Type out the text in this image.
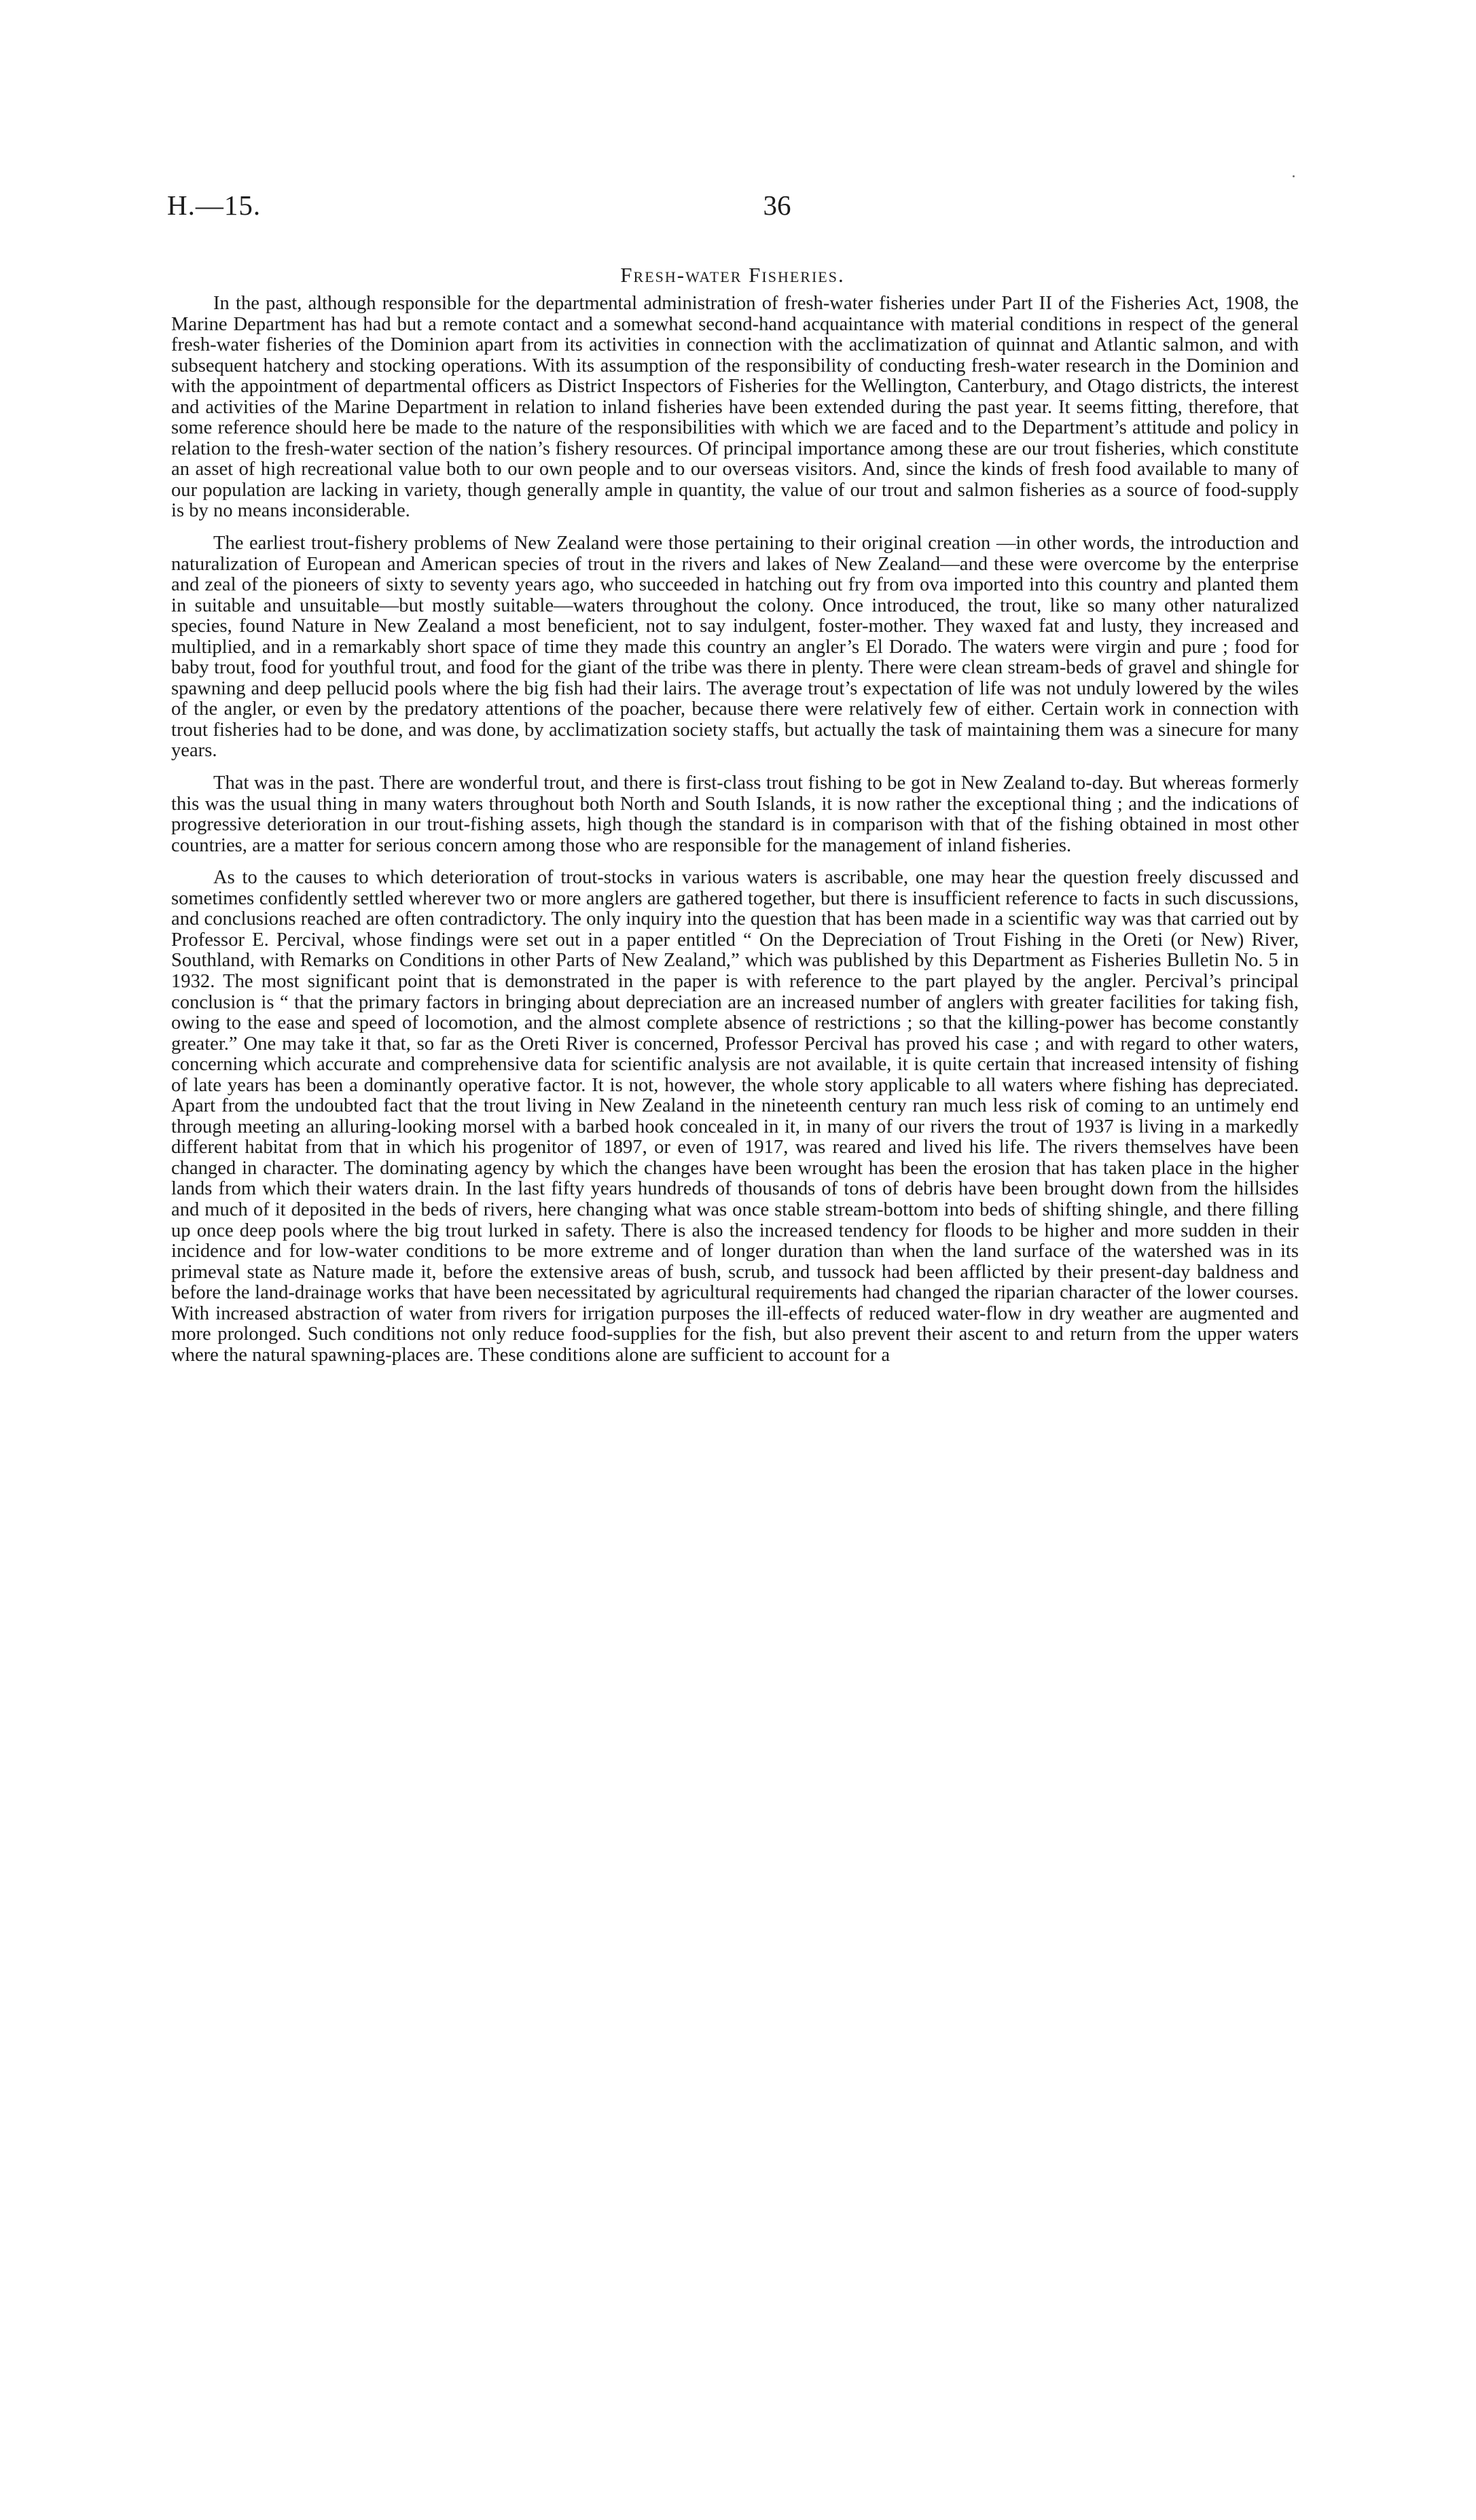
H.—15.	36
Fresh-water Fisheries.

In the past, although responsible for the departmental administration of fresh-water fisheries under Part II of the Fisheries Act, 1908, the Marine Department has had but a remote contact and a somewhat second-hand acquaintance with material conditions in respect of the general fresh-water fisheries of the Dominion apart from its activities in connection with the acclimatization of quinnat and Atlantic salmon, and with subsequent hatchery and stocking operations. With its assumption of the responsibility of conducting fresh-water research in the Dominion and with the appointment of departmental officers as District Inspectors of Fisheries for the Wellington, Canterbury, and Otago districts, the interest and activities of the Marine Department in relation to inland fisheries have been extended during the past year. It seems fitting, therefore, that some reference should here be made to the nature of the responsibilities with which we are faced and to the Department’s attitude and policy in relation to the fresh-water section of the nation’s fishery resources. Of principal importance among these are our trout fisheries, which constitute an asset of high recreational value both to our own people and to our overseas visitors. And, since the kinds of fresh food available to many of our population are lacking in variety, though generally ample in quantity, the value of our trout and salmon fisheries as a source of food-supply is by no means inconsiderable.

The earliest trout-fishery problems of New Zealand were those pertaining to their original creation —in other words, the introduction and naturalization of European and American species of trout in the rivers and lakes of New Zealand—and these were overcome by the enterprise and zeal of the pioneers of sixty to seventy years ago, who succeeded in hatching out fry from ova imported into this country and planted them in suitable and unsuitable—but mostly suitable—waters throughout the colony. Once introduced, the trout, like so many other naturalized species, found Nature in New Zealand a most beneficient, not to say indulgent, foster-mother. They waxed fat and lusty, they increased and multiplied, and in a remarkably short space of time they made this country an angler’s El Dorado. The waters were virgin and pure ; food for baby trout, food for youthful trout, and food for the giant of the tribe was there in plenty. There were clean stream-beds of gravel and shingle for spawning and deep pellucid pools where the big fish had their lairs. The average trout’s expectation of life was not unduly lowered by the wiles of the angler, or even by the predatory attentions of the poacher, because there were relatively few of either. Certain work in connection with trout fisheries had to be done, and was done, by acclimatization society staffs, but actually the task of maintaining them was a sinecure for many years.

That was in the past. There are wonderful trout, and there is first-class trout fishing to be got in New Zealand to-day. But whereas formerly this was the usual thing in many waters throughout both North and South Islands, it is now rather the exceptional thing ; and the indications of progressive deterioration in our trout-fishing assets, high though the standard is in comparison with that of the fishing obtained in most other countries, are a matter for serious concern among those who are responsible for the management of inland fisheries.

As to the causes to which deterioration of trout-stocks in various waters is ascribable, one may hear the question freely discussed and sometimes confidently settled wherever two or more anglers are gathered together, but there is insufficient reference to facts in such discussions, and conclusions reached are often contradictory. The only inquiry into the question that has been made in a scientific way was that carried out by Professor E. Percival, whose findings were set out in a paper entitled “ On the Depreciation of Trout Fishing in the Oreti (or New) River, Southland, with Remarks on Conditions in other Parts of New Zealand,” which was published by this Department as Fisheries Bulletin No. 5 in 1932. The most significant point that is demonstrated in the paper is with reference to the part played by the angler. Percival’s principal conclusion is “ that the primary factors in bringing about depreciation are an increased number of anglers with greater facilities for taking fish, owing to the ease and speed of locomotion, and the almost complete absence of restrictions ; so that the killing-power has become constantly greater.” One may take it that, so far as the Oreti River is concerned, Professor Percival has proved his case ; and with regard to other waters, concerning which accurate and comprehensive data for scientific analysis are not available, it is quite certain that increased intensity of fishing of late years has been a dominantly operative factor. It is not, however, the whole story applicable to all waters where fishing has depreciated. Apart from the undoubted fact that the trout living in New Zealand in the nineteenth century ran much less risk of coming to an untimely end through meeting an alluring-looking morsel with a barbed hook concealed in it, in many of our rivers the trout of 1937 is living in a markedly different habitat from that in which his progenitor of 1897, or even of 1917, was reared and lived his life. The rivers themselves have been changed in character. The dominating agency by which the changes have been wrought has been the erosion that has taken place in the higher lands from which their waters drain. In the last fifty years hundreds of thousands of tons of debris have been brought down from the hillsides and much of it deposited in the beds of rivers, here changing what was once stable stream-bottom into beds of shifting shingle, and there filling up once deep pools where the big trout lurked in safety. There is also the increased tendency for floods to be higher and more sudden in their incidence and for low-water conditions to be more extreme and of longer duration than when the land surface of the watershed was in its primeval state as Nature made it, before the extensive areas of bush, scrub, and tussock had been afflicted by their present-day baldness and before the land-drainage works that have been necessitated by agricultural requirements had changed the riparian character of the lower courses. With increased abstraction of water from rivers for irrigation purposes the ill-effects of reduced water-flow in dry weather are augmented and more prolonged. Such conditions not only reduce food-supplies for the fish, but also prevent their ascent to and return from the upper waters where the natural spawning-places are. These conditions alone are sufficient to account for a
